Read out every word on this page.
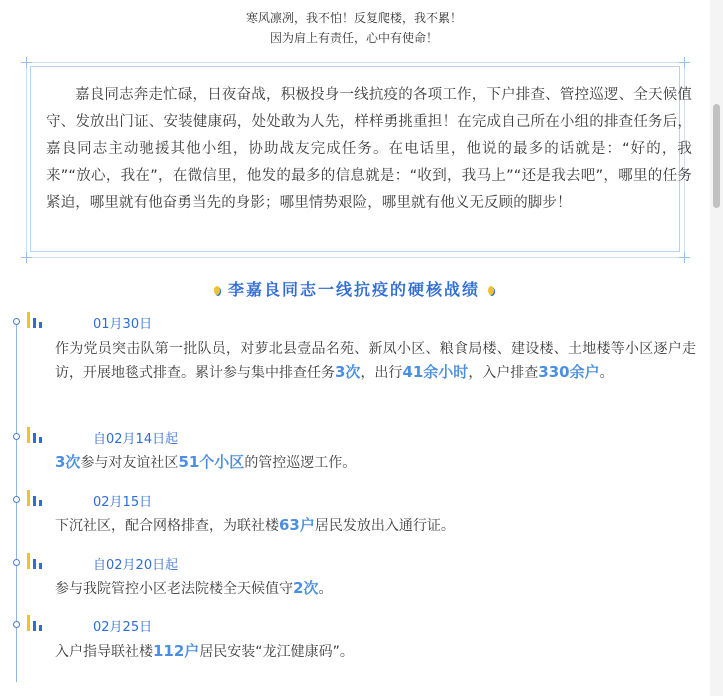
寒风凛冽，我不怕！反复爬楼，我不累！
因为肩上有责任，心中有使命！
嘉良同志奔走忙碌，日夜奋战，积极投身一线抗疫的各项工作，下户排查、管控巡逻、全天候值守、发放出门证、安装健康码，处处敢为人先，样样勇挑重担！在完成自己所在小组的排查任务后，嘉良同志主动驰援其他小组，协助战友完成任务。在电话里，他说的最多的话就是：“好的，我来”“放心，我在”，在微信里，他发的最多的信息就是：“收到，我马上”“还是我去吧”，哪里的任务紧迫，哪里就有他奋勇当先的身影；哪里情势艰险，哪里就有他义无反顾的脚步！
李嘉良同志一线抗疫的硬核战绩
01月30日
作为党员突击队第一批队员，对萝北县壹品名苑、新凤小区、粮食局楼、建设楼、土地楼等小区逐户走访，开展地毯式排查。累计参与集中排查任务3次，出行41余小时，入户排查330余户。
自02月14日起
3次参与对友谊社区51个小区的管控巡逻工作。
02月15日
下沉社区，配合网格排查，为联社楼63户居民发放出入通行证。
自02月20日起
参与我院管控小区老法院楼全天候值守2次。
02月25日
入户指导联社楼112户居民安装“龙江健康码”。
